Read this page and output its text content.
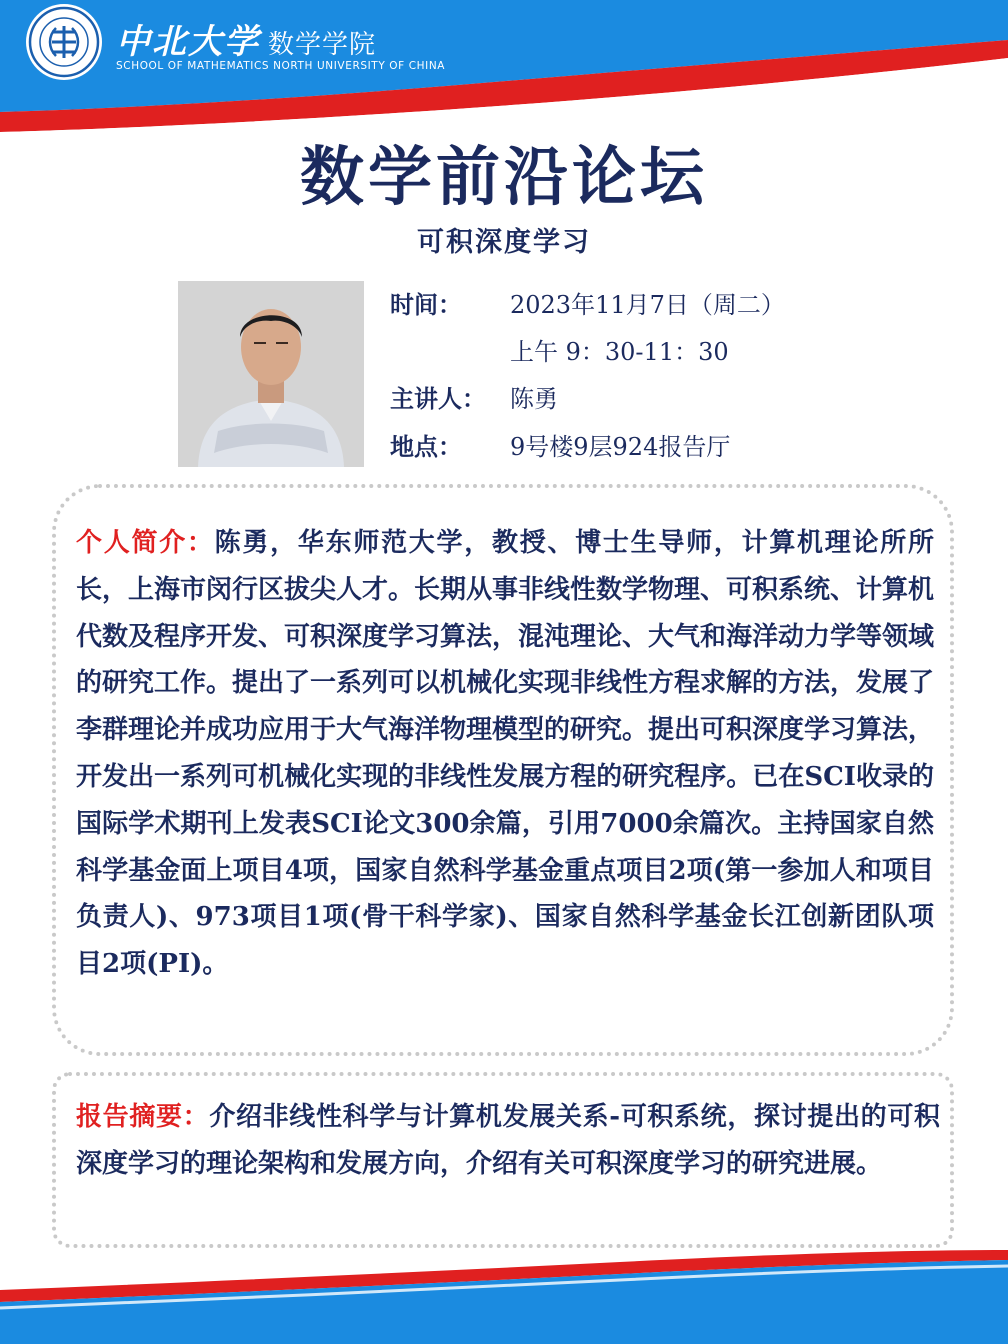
中北大学 数学学院
SCHOOL OF MATHEMATICS NORTH UNIVERSITY OF CHINA
数学前沿论坛
可积深度学习
时间： 2023年11月7日（周二）
上午 9：30-11：30
主讲人： 陈勇
地点： 9号楼9层924报告厅

个人简介：陈勇，华东师范大学，教授、博士生导师，计算机理论所所长，上海市闵行区拔尖人才。长期从事非线性数学物理、可积系统、计算机代数及程序开发、可积深度学习算法，混沌理论、大气和海洋动力学等领域的研究工作。提出了一系列可以机械化实现非线性方程求解的方法，发展了李群理论并成功应用于大气海洋物理模型的研究。提出可积深度学习算法，开发出一系列可机械化实现的非线性发展方程的研究程序。已在SCI收录的国际学术期刊上发表SCI论文300余篇，引用7000余篇次。主持国家自然科学基金面上项目4项，国家自然科学基金重点项目2项(第一参加人和项目负责人)、973项目1项(骨干科学家)、国家自然科学基金长江创新团队项目2项(PI)。

报告摘要：介绍非线性科学与计算机发展关系-可积系统，探讨提出的可积深度学习的理论架构和发展方向，介绍有关可积深度学习的研究进展。
